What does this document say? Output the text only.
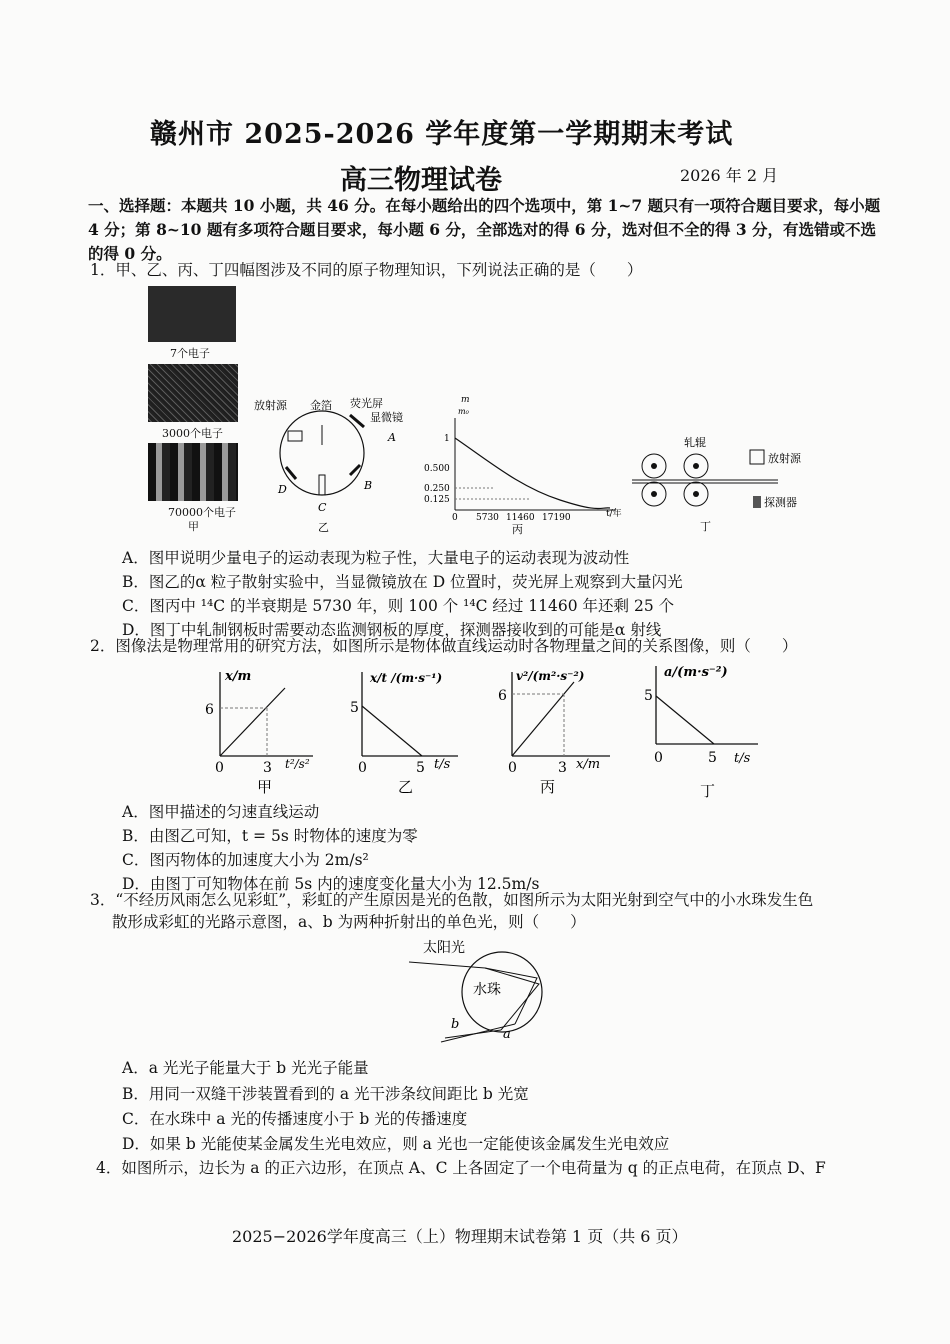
赣州市 2025-2026 学年度第一学期期末考试
高三物理试卷	2026 年 2 月
一、选择题：本题共 10 小题，共 46 分。在每小题给出的四个选项中，第 1~7 题只有一项符合题目要求，每小题 4 分；第 8~10 题有多项符合题目要求，每小题 6 分，全部选对的得 6 分，选对但不全的得 3 分，有选错或不选的得 0 分。
1．甲、乙、丙、丁四幅图涉及不同的原子物理知识，下列说法正确的是（　　）
7个电子
3000个电子
70000个电子
甲
放射源 金箔 荧光屏
显微镜
A
B
C
D
乙
m
m₀
1
0.500
0.250
0.125
0 5730 11460 17190	t/年
丙
轧辊
放射源
探测器
丁
A．图甲说明少量电子的运动表现为粒子性，大量电子的运动表现为波动性
B．图乙的α 粒子散射实验中，当显微镜放在 D 位置时，荧光屏上观察到大量闪光
C．图丙中 ¹⁴C 的半衰期是 5730 年，则 100 个 ¹⁴C 经过 11460 年还剩 25 个
D．图丁中轧制钢板时需要动态监测钢板的厚度，探测器接收到的可能是α 射线
2．图像法是物理常用的研究方法，如图所示是物体做直线运动时各物理量之间的关系图像，则（　　）
x/m
6
0	3 t²/s²
甲
x/t /(m·s⁻¹)
5
0	5 t/s
乙
v²/(m²·s⁻²)
6
0	3 x/m
丙
a/(m·s⁻²)
5
0	5 t/s
丁
A．图甲描述的匀速直线运动
B．由图乙可知，t = 5s 时物体的速度为零
C．图丙物体的加速度大小为 2m/s²
D．由图丁可知物体在前 5s 内的速度变化量大小为 12.5m/s
3．“不经历风雨怎么见彩虹”，彩虹的产生原因是光的色散，如图所示为太阳光射到空气中的小水珠发生色
散形成彩虹的光路示意图，a、b 为两种折射出的单色光，则（　　）
太阳光
水珠
a
b
A．a 光光子能量大于 b 光光子能量
B．用同一双缝干涉装置看到的 a 光干涉条纹间距比 b 光宽
C．在水珠中 a 光的传播速度小于 b 光的传播速度
D．如果 b 光能使某金属发生光电效应，则 a 光也一定能使该金属发生光电效应
4．如图所示，边长为 a 的正六边形，在顶点 A、C 上各固定了一个电荷量为 q 的正点电荷，在顶点 D、F
2025−2026学年度高三（上）物理期末试卷第 1 页（共 6 页）
